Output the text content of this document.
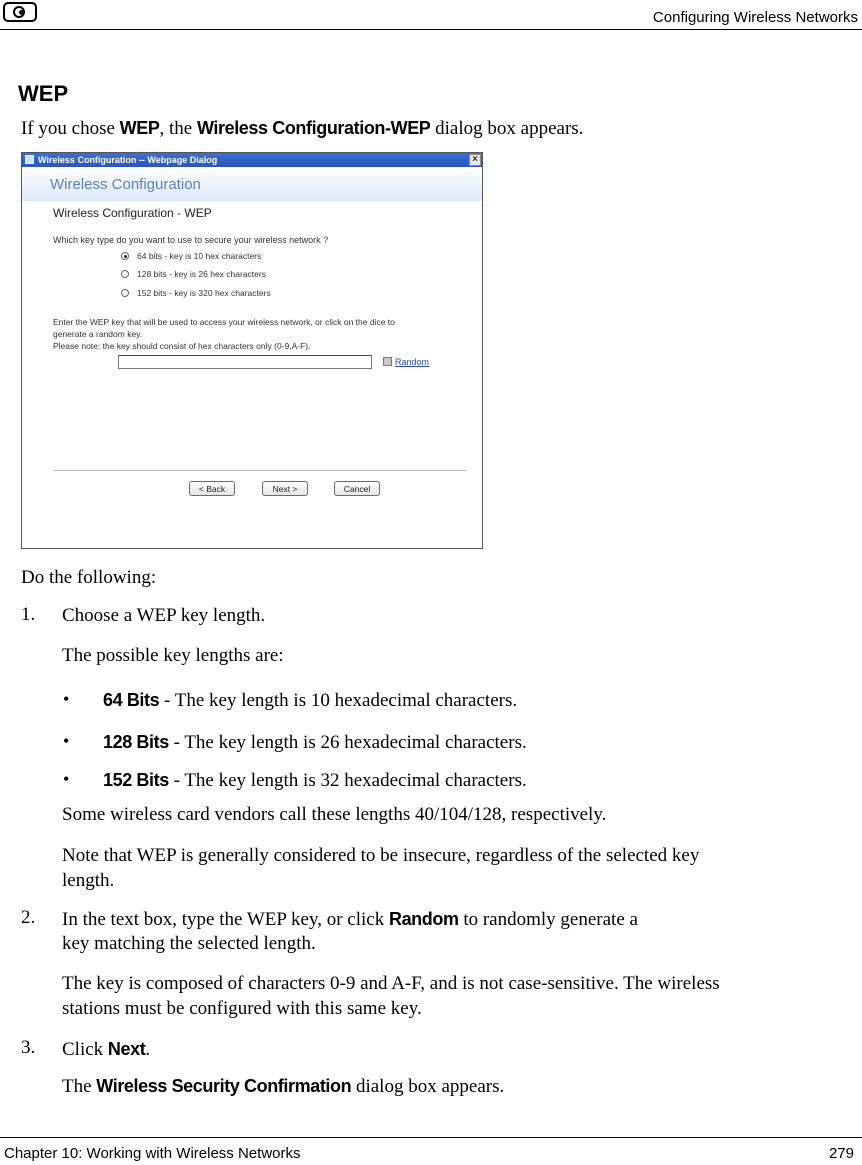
Configuring Wireless Networks
WEP
If you chose WEP, the Wireless Configuration-WEP dialog box appears.
Wireless Configuration -- Webpage Dialog	×
Wireless Configuration
Wireless Configuration - WEP
Which key type do you want to use to secure your wireless network ?
64 bits - key is 10 hex characters
128 bits - key is 26 hex characters
152 bits - key is 320 hex characters
Enter the WEP key that will be used to access your wireless network, or click on the dice to
generate a random key.
Please note: the key should consist of hex characters only (0-9,A-F).
Random
< Back	Next >	Cancel
Do the following:
1. Choose a WEP key length.
The possible key lengths are:
• 64 Bits - The key length is 10 hexadecimal characters.
• 128 Bits - The key length is 26 hexadecimal characters.
• 152 Bits - The key length is 32 hexadecimal characters.
Some wireless card vendors call these lengths 40/104/128, respectively.
Note that WEP is generally considered to be insecure, regardless of the selected key
length.
2. In the text box, type the WEP key, or click Random to randomly generate a
key matching the selected length.
The key is composed of characters 0-9 and A-F, and is not case-sensitive. The wireless
stations must be configured with this same key.
3. Click Next.
The Wireless Security Confirmation dialog box appears.
Chapter 10: Working with Wireless Networks	279
